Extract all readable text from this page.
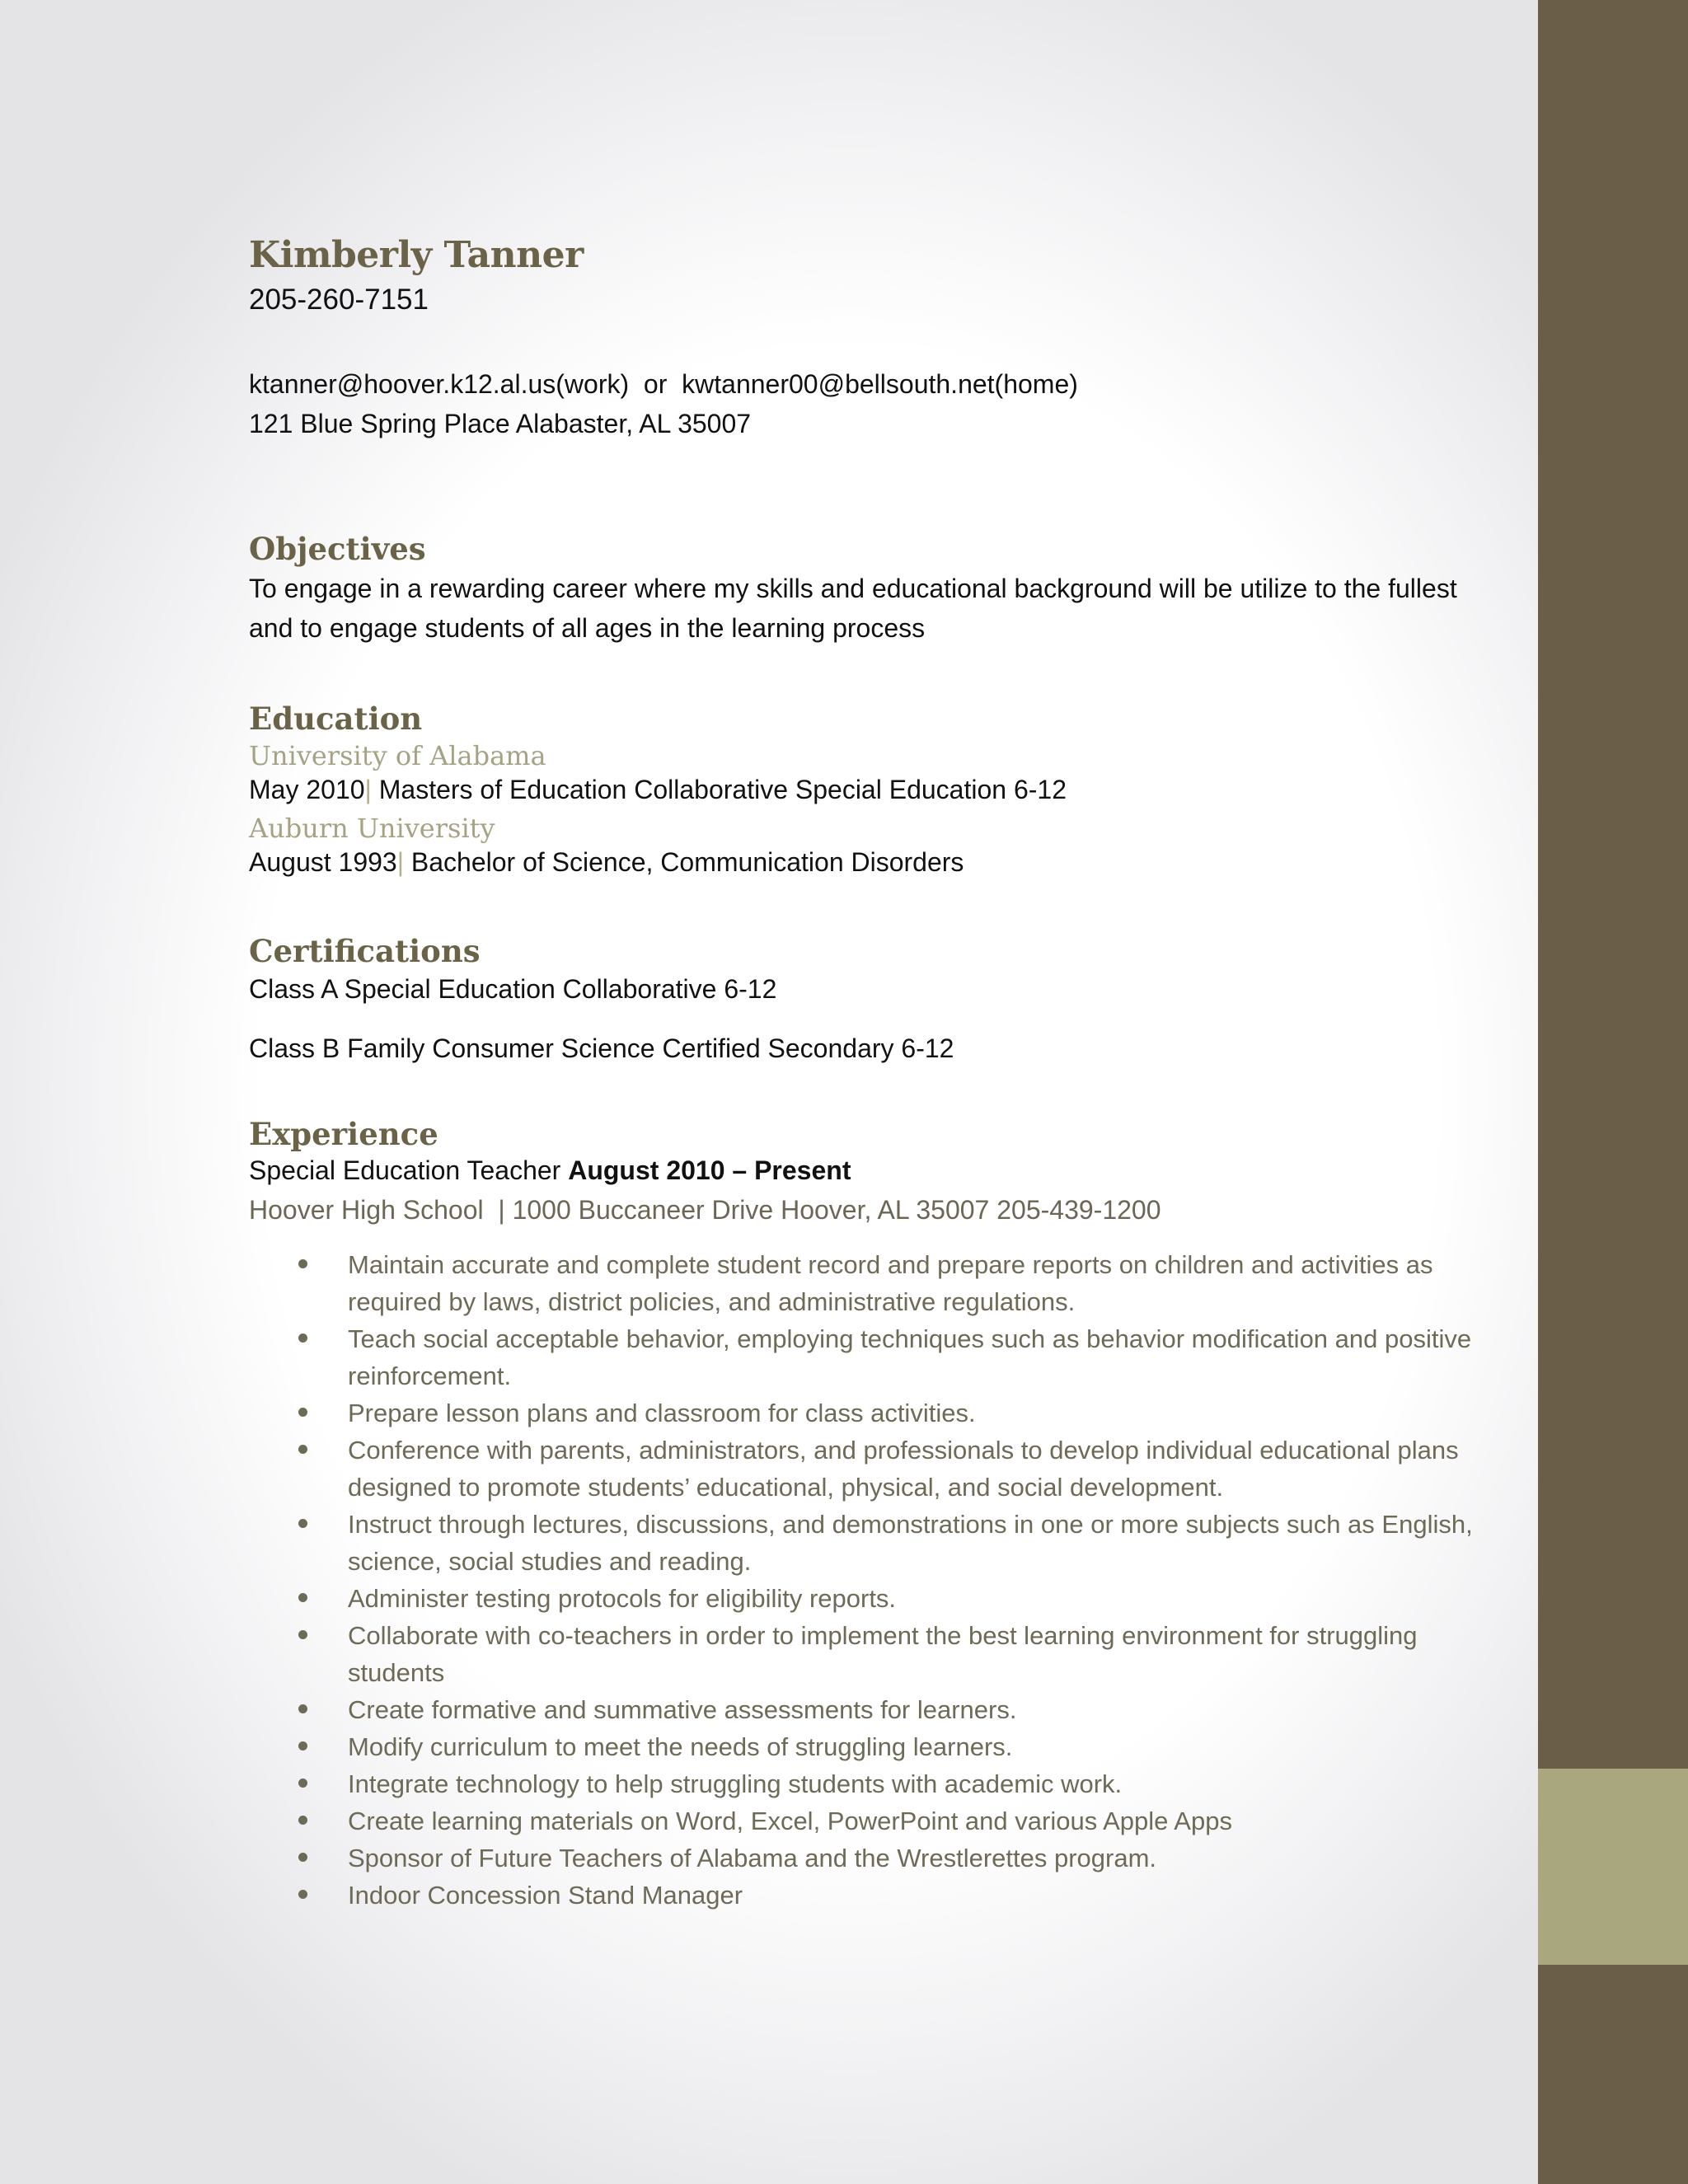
Kimberly Tanner

205-260-7151

ktanner@hoover.k12.al.us(work)  or  kwtanner00@bellsouth.net(home)

121 Blue Spring Place Alabaster, AL 35007

Objectives

To engage in a rewarding career where my skills and educational background will be utilize to the fullest

and to engage students of all ages in the learning process

Education

University of Alabama

May 2010| Masters of Education Collaborative Special Education 6-12

Auburn University

August 1993| Bachelor of Science, Communication Disorders

Certifications

Class A Special Education Collaborative 6-12

Class B Family Consumer Science Certified Secondary 6-12

Experience

Special Education Teacher August 2010 – Present

Hoover High School  | 1000 Buccaneer Drive Hoover, AL 35007 205-439-1200

Maintain accurate and complete student record and prepare reports on children and activities as required by laws, district policies, and administrative regulations.
Teach social acceptable behavior, employing techniques such as behavior modification and positive reinforcement.
Prepare lesson plans and classroom for class activities.
Conference with parents, administrators, and professionals to develop individual educational plans designed to promote students’ educational, physical, and social development.
Instruct through lectures, discussions, and demonstrations in one or more subjects such as English, science, social studies and reading.
Administer testing protocols for eligibility reports.
Collaborate with co-teachers in order to implement the best learning environment for struggling students
Create formative and summative assessments for learners.
Modify curriculum to meet the needs of struggling learners.
Integrate technology to help struggling students with academic work.
Create learning materials on Word, Excel, PowerPoint and various Apple Apps
Sponsor of Future Teachers of Alabama and the Wrestlerettes program.
Indoor Concession Stand Manager
